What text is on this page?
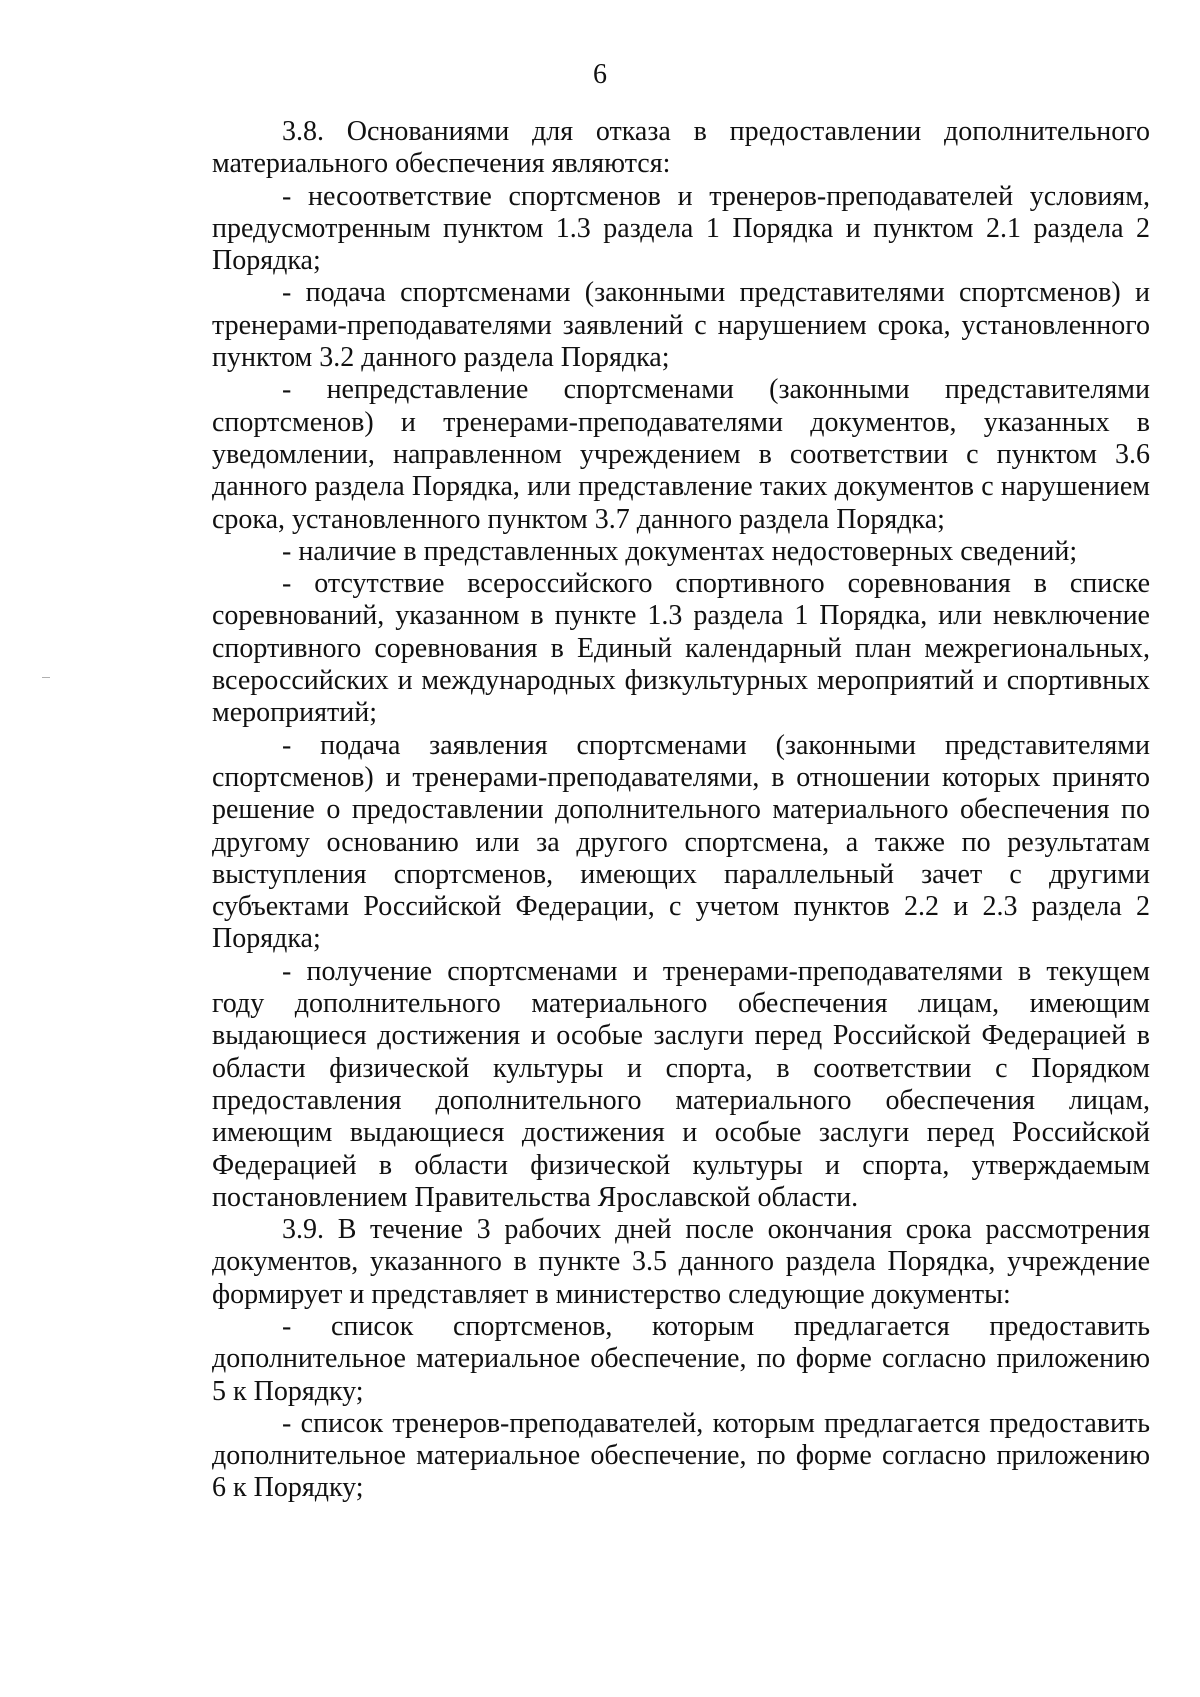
6

3.8. Основаниями для отказа в предоставлении дополнительного материального обеспечения являются:

- несоответствие спортсменов и тренеров-преподавателей условиям, предусмотренным пунктом 1.3 раздела 1 Порядка и пунктом 2.1 раздела 2 Порядка;

- подача спортсменами (законными представителями спортсменов) и тренерами-преподавателями заявлений с нарушением срока, установленного пунктом 3.2 данного раздела Порядка;

- непредставление спортсменами (законными представителями спортсменов) и тренерами-преподавателями документов, указанных в уведомлении, направленном учреждением в соответствии с пунктом 3.6 данного раздела Порядка, или представление таких документов с нарушением срока, установленного пунктом 3.7 данного раздела Порядка;

- наличие в представленных документах недостоверных сведений;

- отсутствие всероссийского спортивного соревнования в списке соревнований, указанном в пункте 1.3 раздела 1 Порядка, или невключение спортивного соревнования в Единый календарный план межрегиональных, всероссийских и международных физкультурных мероприятий и спортивных мероприятий;

- подача заявления спортсменами (законными представителями спортсменов) и тренерами-преподавателями, в отношении которых принято решение о предоставлении дополнительного материального обеспечения по другому основанию или за другого спортсмена, а также по результатам выступления спортсменов, имеющих параллельный зачет с другими субъектами Российской Федерации, с учетом пунктов 2.2 и 2.3 раздела 2 Порядка;

- получение спортсменами и тренерами-преподавателями в текущем году дополнительного материального обеспечения лицам, имеющим выдающиеся достижения и особые заслуги перед Российской Федерацией в области физической культуры и спорта, в соответствии с Порядком предоставления дополнительного материального обеспечения лицам, имеющим выдающиеся достижения и особые заслуги перед Российской Федерацией в области физической культуры и спорта, утверждаемым постановлением Правительства Ярославской области.

3.9. В течение 3 рабочих дней после окончания срока рассмотрения документов, указанного в пункте 3.5 данного раздела Порядка, учреждение формирует и представляет в министерство следующие документы:

- список спортсменов, которым предлагается предоставить дополнительное материальное обеспечение, по форме согласно приложению 5 к Порядку;

- список тренеров-преподавателей, которым предлагается предоставить дополнительное материальное обеспечение, по форме согласно приложению 6 к Порядку;
